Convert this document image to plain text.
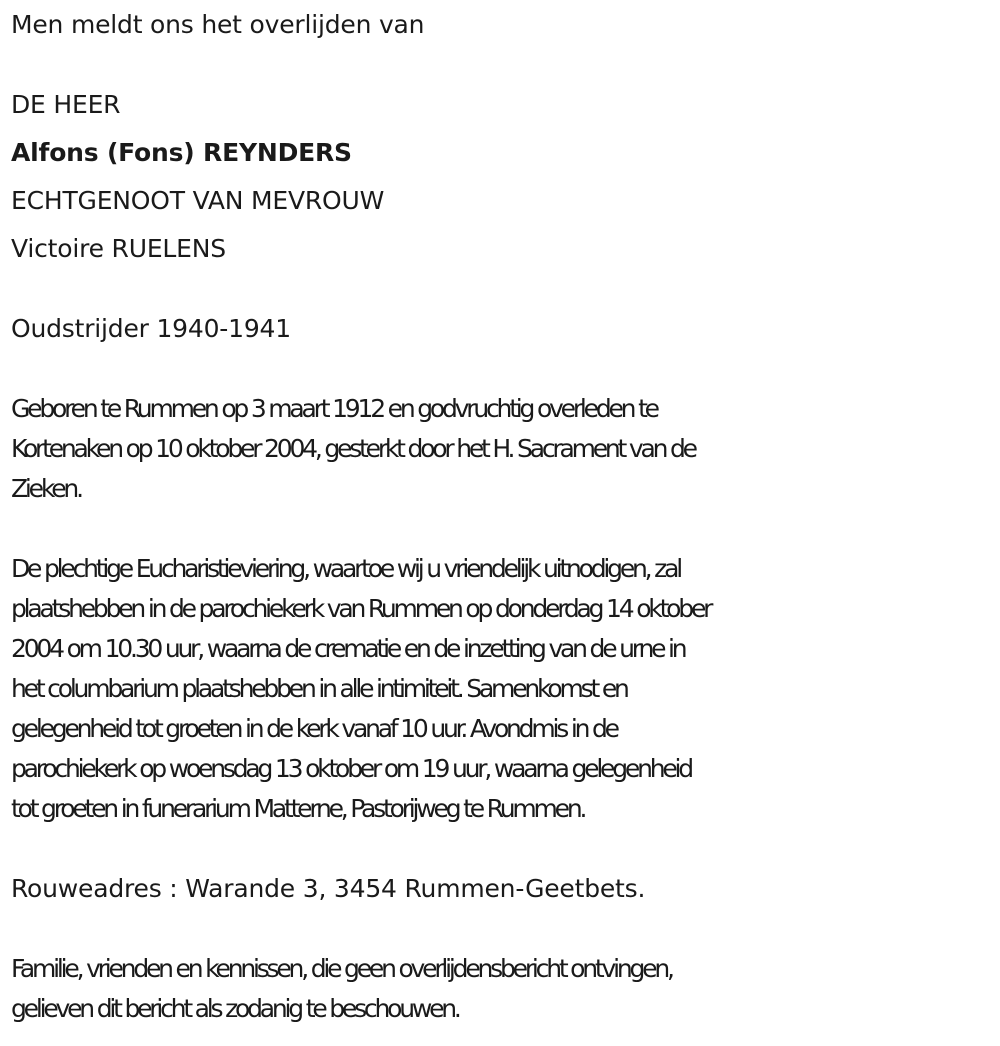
Men meldt ons het overlijden van
DE HEER
Alfons (Fons) REYNDERS
ECHTGENOOT VAN MEVROUW
Victoire RUELENS
Oudstrijder 1940-1941
Geboren te Rummen op 3 maart 1912 en godvruchtig overleden te
Kortenaken op 10 oktober 2004, gesterkt door het H. Sacrament van de
Zieken.
De plechtige Eucharistieviering, waartoe wij u vriendelijk uitnodigen, zal
plaatshebben in de parochiekerk van Rummen op donderdag 14 oktober
2004 om 10.30 uur, waarna de crematie en de inzetting van de urne in
het columbarium plaatshebben in alle intimiteit. Samenkomst en
gelegenheid tot groeten in de kerk vanaf 10 uur. Avondmis in de
parochiekerk op woensdag 13 oktober om 19 uur, waarna gelegenheid
tot groeten in funerarium Matterne, Pastorijweg te Rummen.
Rouweadres : Warande 3, 3454 Rummen-Geetbets.
Familie, vrienden en kennissen, die geen overlijdensbericht ontvingen,
gelieven dit bericht als zodanig te beschouwen.
